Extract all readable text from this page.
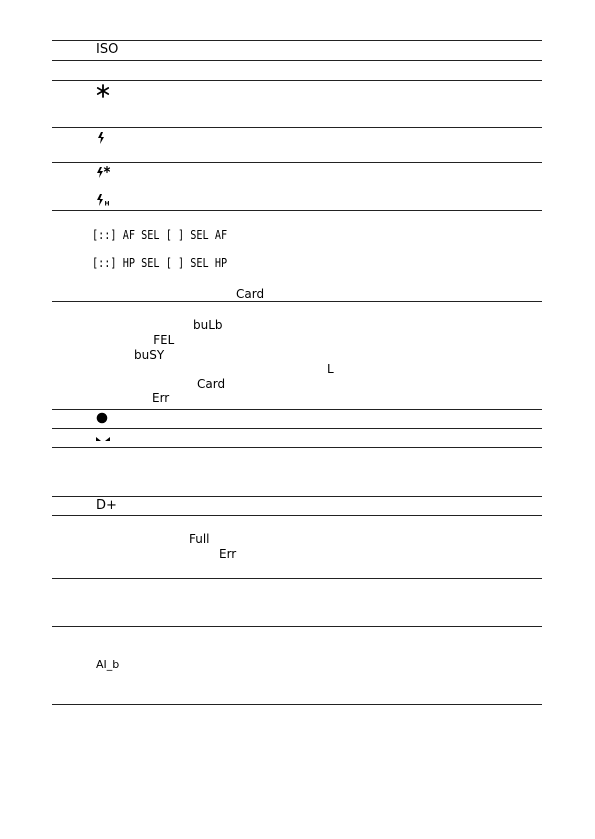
ISO
H
[::] AF SEL [ ] SEL AF
[::] HP SEL [ ] SEL HP
Card
buLb
FEL
buSY
L
Card
Err
D+
Full
Err
AI_b
